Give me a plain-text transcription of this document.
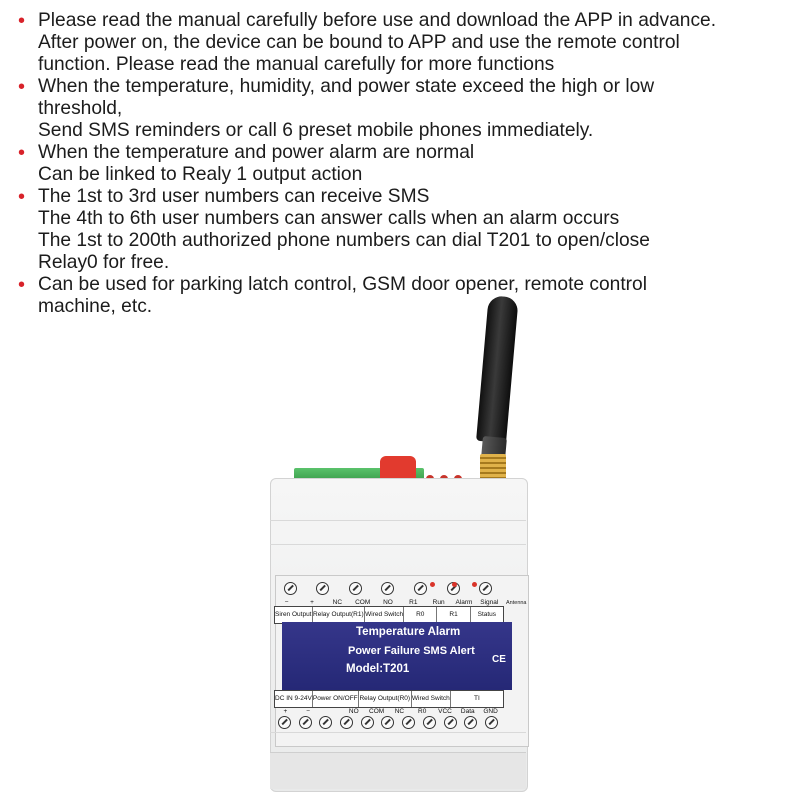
• Please read the manual carefully before use and download the APP in advance.
After power on, the device can be bound to APP and use the remote control
function. Please read the manual carefully for more functions
• When the temperature, humidity, and power state exceed the high or low
threshold,
Send SMS reminders or call 6 preset mobile phones immediately.
• When the temperature and power alarm are normal
Can be linked to Realy 1 output action
• The 1st to 3rd user numbers can receive SMS
The 4th to 6th user numbers can answer calls when an alarm occurs
The 1st to 200th authorized phone numbers can dial T201 to open/close
Relay0 for free.
• Can be used for parking latch control, GSM door opener, remote control
machine, etc.
−	+	NC	COM	NO	R1	Run	Alarm	Signal
Siren Output Relay Output(R1) Wired Switch	R0	R1	Status
Antenna
Temperature Alarm
Power Failure SMS Alert
Model:T201
CE
DC IN 9-24V Power ON/OFF Relay Output(R0) Wired Switch	TI
+	−	NO	COM	NC	R0	VCC	Data	GND
